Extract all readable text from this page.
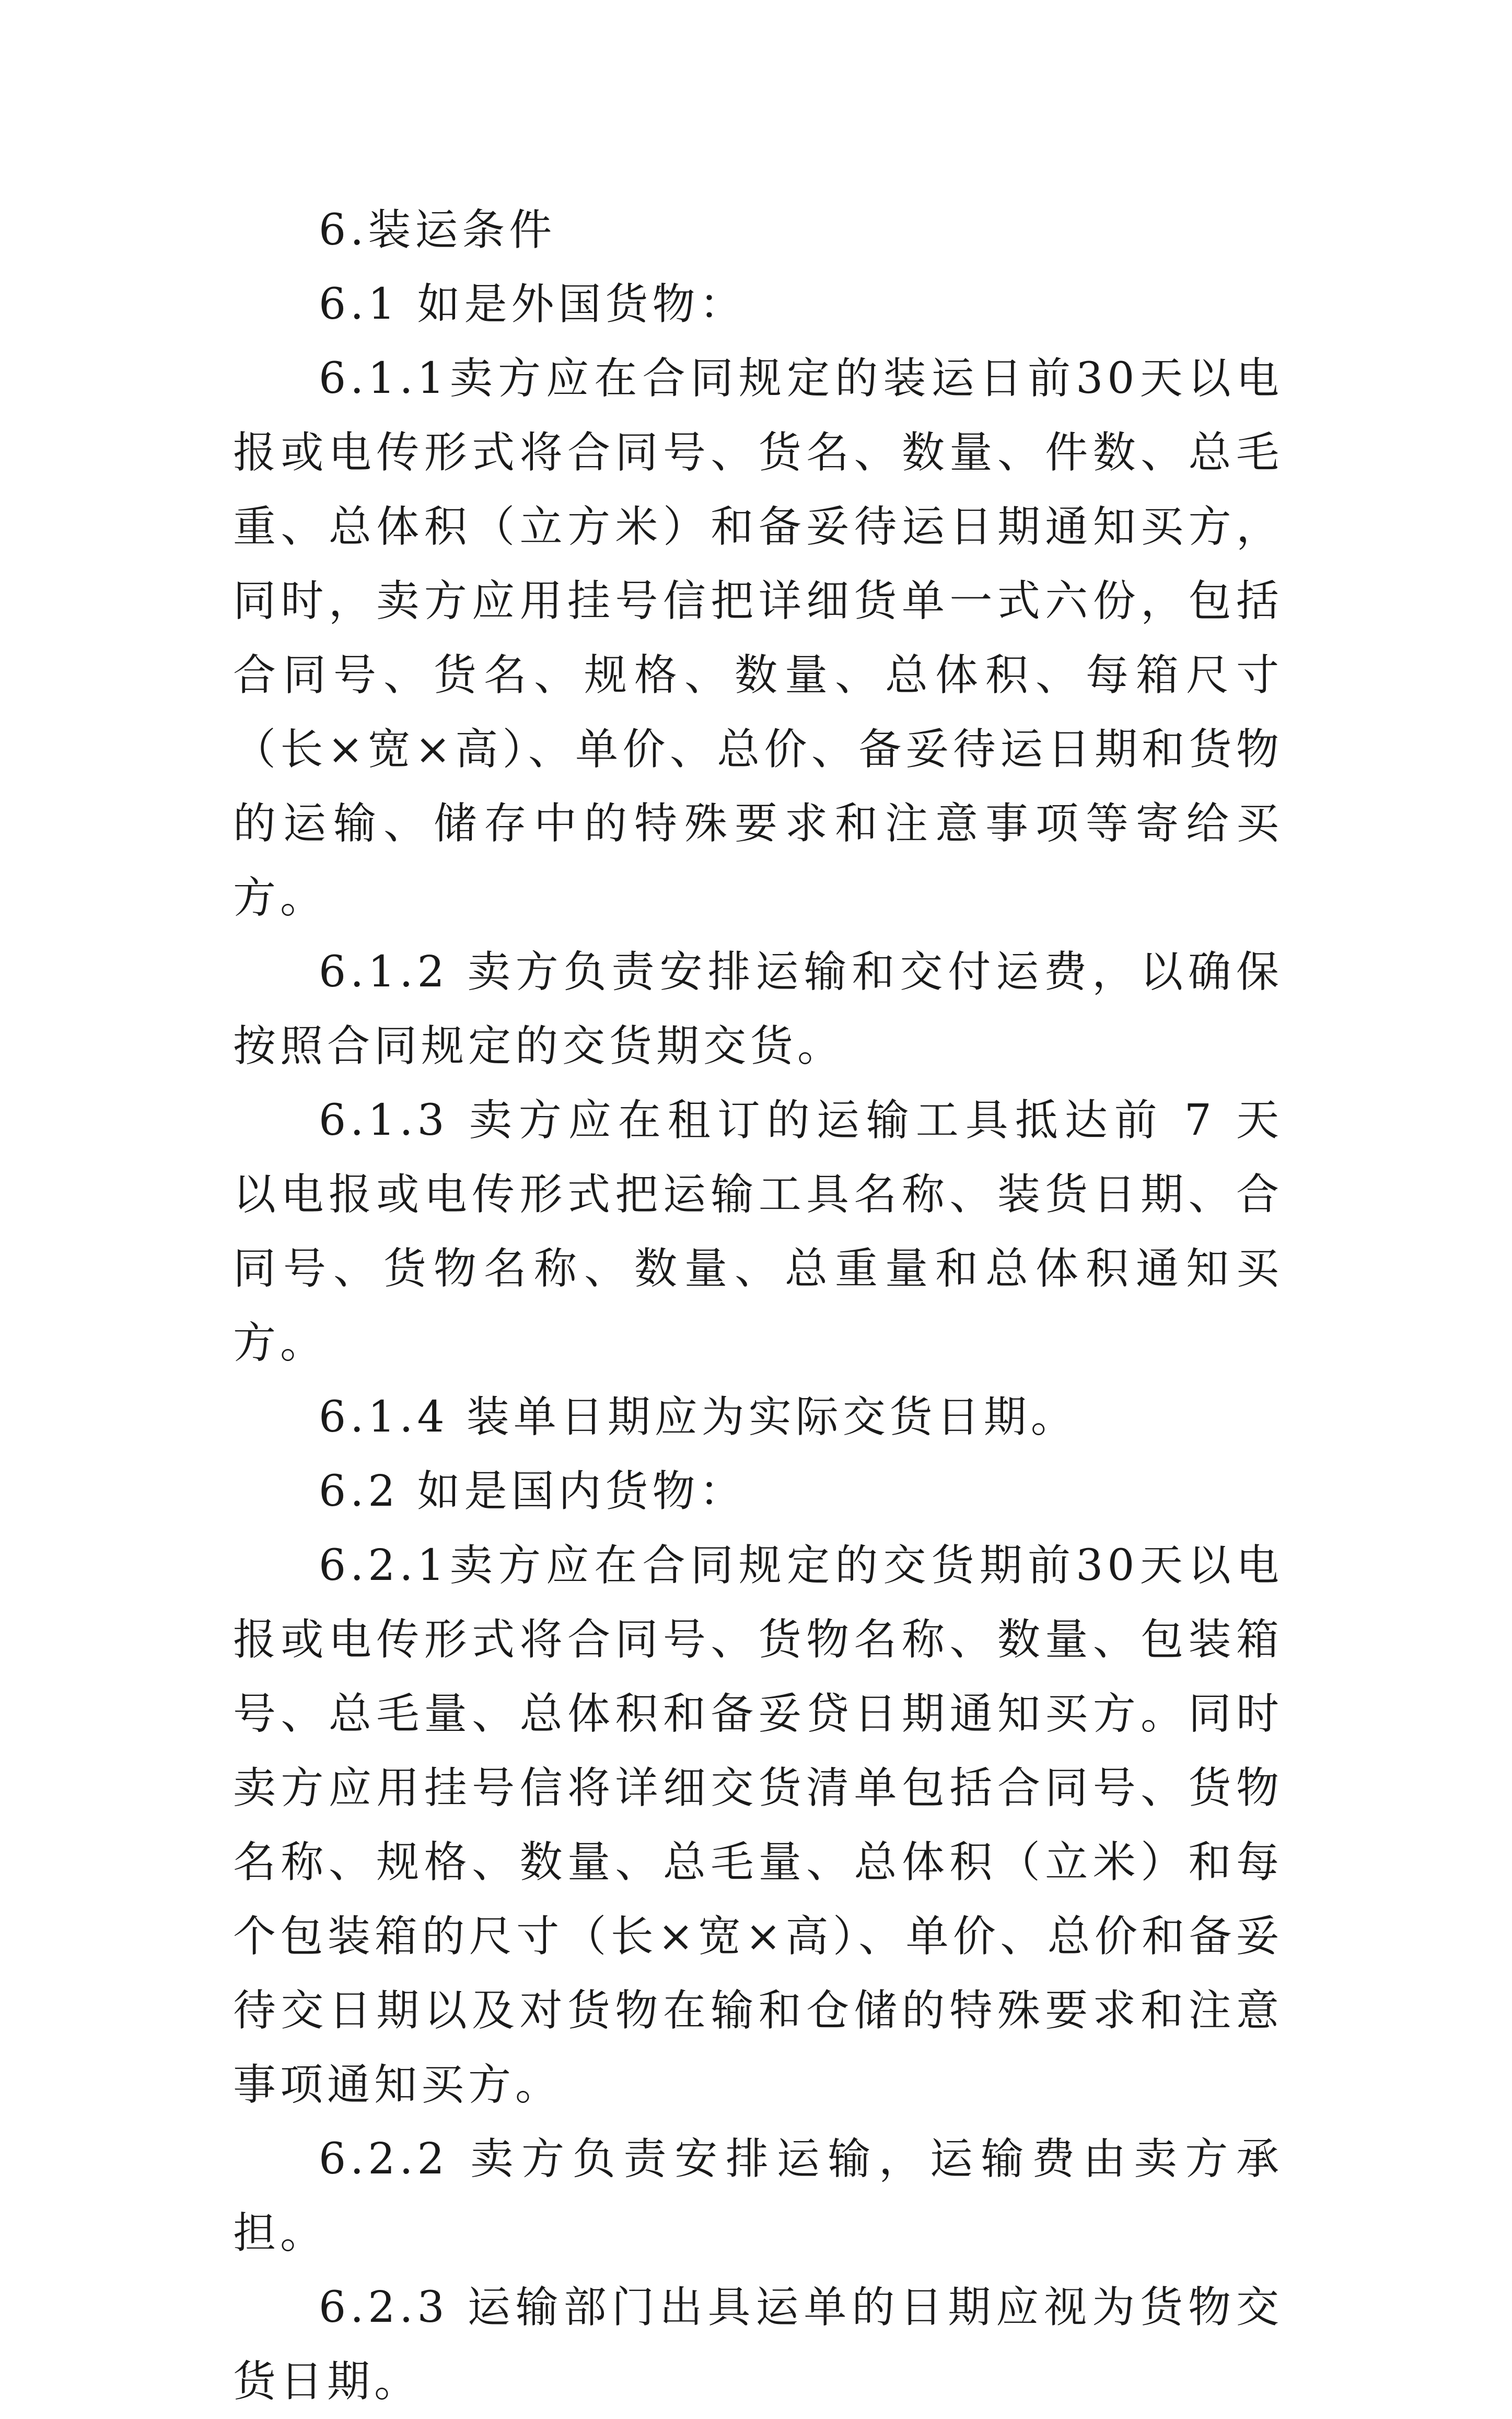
6.装运条件

6.1 如是外国货物：

6.1.1卖方应在合同规定的装运日前30天以电报或电传形式将合同号、货名、数量、件数、总毛重、总体积（立方米）和备妥待运日期通知买方，同时，卖方应用挂号信把详细货单一式六份，包括合同号、货名、规格、数量、总体积、每箱尺寸（长×宽×高）、单价、总价、备妥待运日期和货物的运输、储存中的特殊要求和注意事项等寄给买方。

6.1.2 卖方负责安排运输和交付运费，以确保按照合同规定的交货期交货。

6.1.3 卖方应在租订的运输工具抵达前 7 天以电报或电传形式把运输工具名称、装货日期、合同号、货物名称、数量、总重量和总体积通知买方。

6.1.4 装单日期应为实际交货日期。

6.2 如是国内货物：

6.2.1卖方应在合同规定的交货期前30天以电报或电传形式将合同号、货物名称、数量、包装箱号、总毛量、总体积和备妥贷日期通知买方。同时卖方应用挂号信将详细交货清单包括合同号、货物名称、规格、数量、总毛量、总体积（立米）和每个包装箱的尺寸（长×宽×高）、单价、总价和备妥待交日期以及对货物在输和仓储的特殊要求和注意事项通知买方。

6.2.2 卖方负责安排运输，运输费由卖方承担。

6.2.3 运输部门出具运单的日期应视为货物交货日期。
